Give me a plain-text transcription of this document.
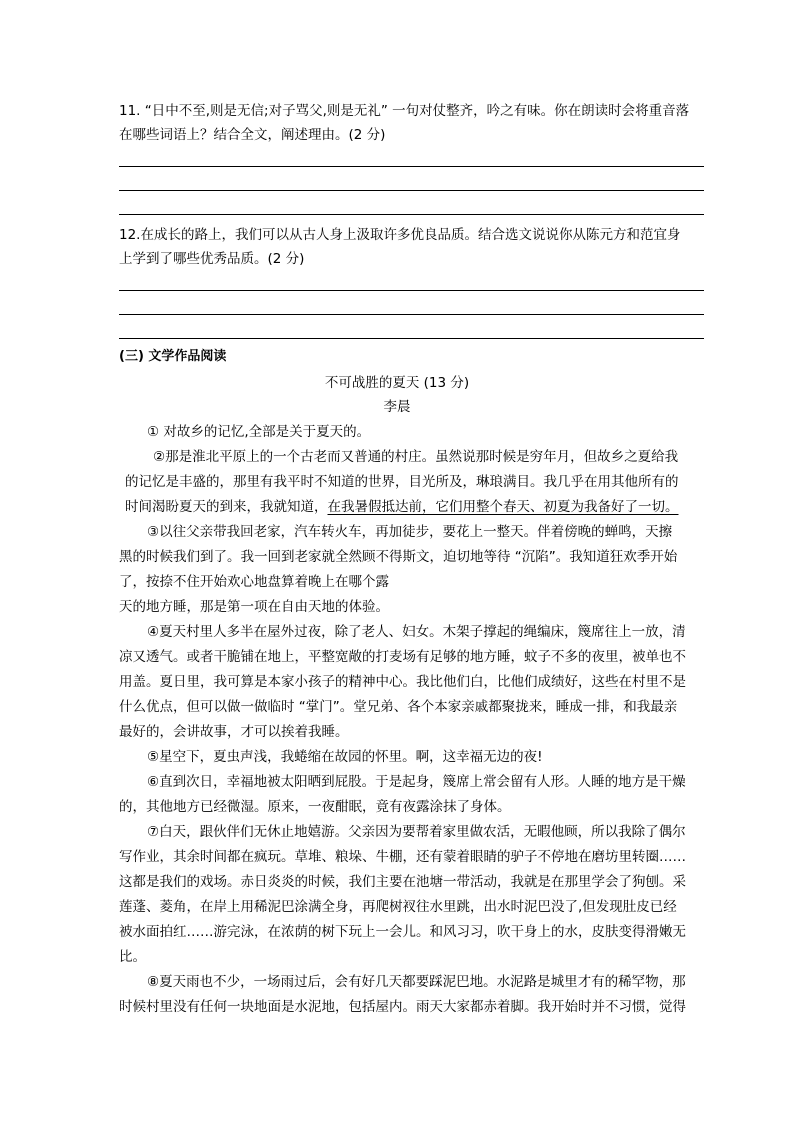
11. “日中不至,则是无信;对子骂父,则是无礼” 一句对仗整齐，吟之有味。你在朗读时会将重音落
在哪些词语上？结合全文，阐述理由。(2 分)
12.在成长的路上，我们可以从古人身上汲取许多优良品质。结合选文说说你从陈元方和范宜身
上学到了哪些优秀品质。(2 分)
(三) 文学作品阅读
不可战胜的夏天 (13 分)
李晨

① 对故乡的记忆,全部是关于夏天的。

②那是淮北平原上的一个古老而又普通的村庄。虽然说那时候是穷年月，但故乡之夏给我

的记忆是丰盛的，那里有我平时不知道的世界，目光所及，琳琅满目。我几乎在用其他所有的

时间渴盼夏天的到来，我就知道，在我暑假抵达前，它们用整个春天、初夏为我备好了一切。

③以往父亲带我回老家，汽车转火车，再加徒步，要花上一整天。伴着傍晚的蝉鸣，天擦

黑的时候我们到了。我一回到老家就全然顾不得斯文，迫切地等待 “沉陷”。我知道狂欢季开始

了，按捺不住开始欢心地盘算着晚上在哪个露

天的地方睡，那是第一项在自由天地的体验。

④夏天村里人多半在屋外过夜，除了老人、妇女。木架子撑起的绳编床，篾席往上一放，清

凉又透气。或者干脆铺在地上，平整宽敞的打麦场有足够的地方睡，蚊子不多的夜里，被单也不

用盖。夏日里，我可算是本家小孩子的精神中心。我比他们白，比他们成绩好，这些在村里不是

什么优点，但可以做一做临时 “掌门”。堂兄弟、各个本家亲戚都聚拢来，睡成一排，和我最亲

最好的，会讲故事，才可以挨着我睡。

⑤星空下，夏虫声浅，我蜷缩在故园的怀里。啊，这幸福无边的夜!

⑥直到次日，幸福地被太阳晒到屁股。于是起身，篾席上常会留有人形。人睡的地方是干燥

的，其他地方已经微湿。原来，一夜酣眠，竟有夜露涂抹了身体。

⑦白天，跟伙伴们无休止地嬉游。父亲因为要帮着家里做农活，无暇他顾，所以我除了偶尔

写作业，其余时间都在疯玩。草堆、粮垛、牛棚，还有蒙着眼睛的驴子不停地在磨坊里转圈……

这都是我们的戏场。赤日炎炎的时候，我们主要在池塘一带活动，我就是在那里学会了狗刨。采

莲蓬、菱角，在岸上用稀泥巴涂满全身，再爬树衩往水里跳，出水时泥巴没了,但发现肚皮已经

被水面拍红……游完泳，在浓荫的树下玩上一会儿。和风习习，吹干身上的水，皮肤变得滑嫩无

比。

⑧夏天雨也不少，一场雨过后，会有好几天都要踩泥巴地。水泥路是城里才有的稀罕物，那

时候村里没有任何一块地面是水泥地，包括屋内。雨天大家都赤着脚。我开始时并不习惯，觉得
